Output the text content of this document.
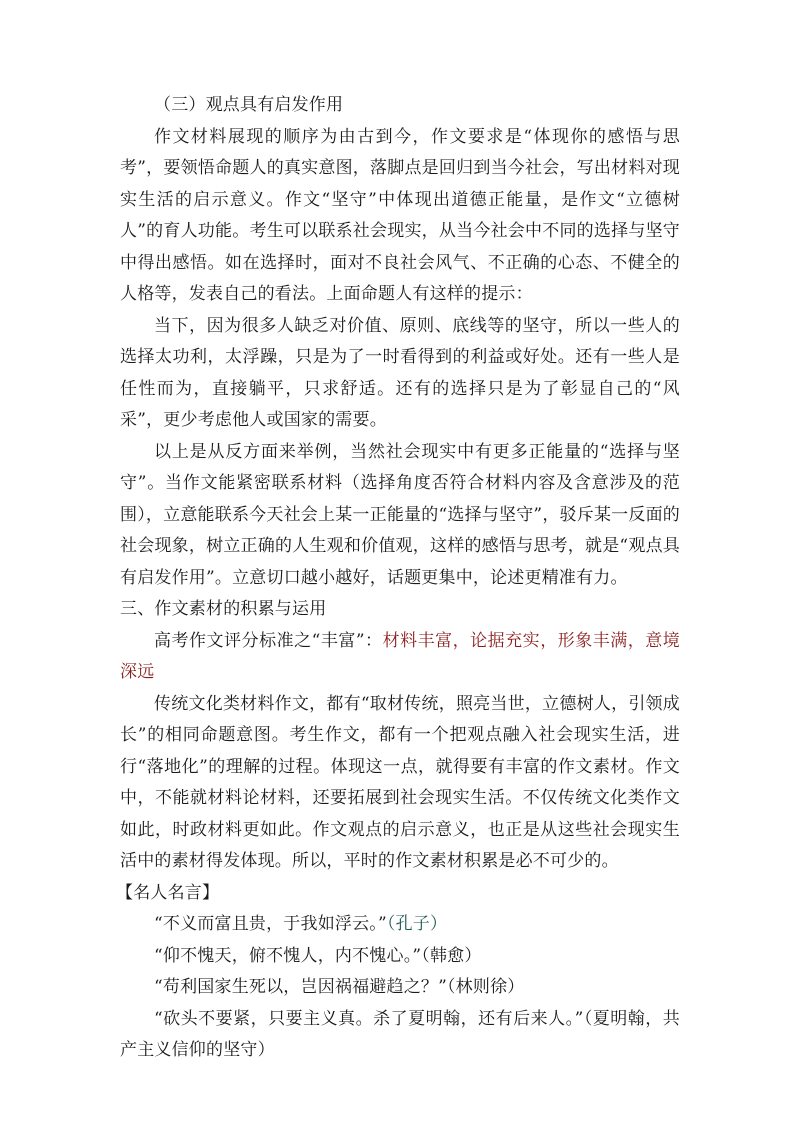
（三）观点具有启发作用

作文材料展现的顺序为由古到今，作文要求是“体现你的感悟与思考”，要领悟命题人的真实意图，落脚点是回归到当今社会，写出材料对现实生活的启示意义。作文“坚守”中体现出道德正能量，是作文“立德树人”的育人功能。考生可以联系社会现实，从当今社会中不同的选择与坚守中得出感悟。如在选择时，面对不良社会风气、不正确的心态、不健全的人格等，发表自己的看法。上面命题人有这样的提示：

当下，因为很多人缺乏对价值、原则、底线等的坚守，所以一些人的选择太功利，太浮躁，只是为了一时看得到的利益或好处。还有一些人是任性而为，直接躺平，只求舒适。还有的选择只是为了彰显自己的“风采”，更少考虑他人或国家的需要。

以上是从反方面来举例，当然社会现实中有更多正能量的“选择与坚守”。当作文能紧密联系材料（选择角度否符合材料内容及含意涉及的范围），立意能联系今天社会上某一正能量的“选择与坚守”，驳斥某一反面的社会现象，树立正确的人生观和价值观，这样的感悟与思考，就是“观点具有启发作用”。立意切口越小越好，话题更集中，论述更精准有力。

三、作文素材的积累与运用

高考作文评分标准之“丰富”：材料丰富，论据充实，形象丰满，意境深远

传统文化类材料作文，都有“取材传统，照亮当世，立德树人，引领成长”的相同命题意图。考生作文，都有一个把观点融入社会现实生活，进行“落地化”的理解的过程。体现这一点，就得要有丰富的作文素材。作文中，不能就材料论材料，还要拓展到社会现实生活。不仅传统文化类作文如此，时政材料更如此。作文观点的启示意义，也正是从这些社会现实生活中的素材得发体现。所以，平时的作文素材积累是必不可少的。

【名人名言】

“不义而富且贵，于我如浮云。”（孔子）

“仰不愧天，俯不愧人，内不愧心。”（韩愈）

“苟利国家生死以，岂因祸福避趋之？”（林则徐）

“砍头不要紧，只要主义真。杀了夏明翰，还有后来人。”（夏明翰，共产主义信仰的坚守）
